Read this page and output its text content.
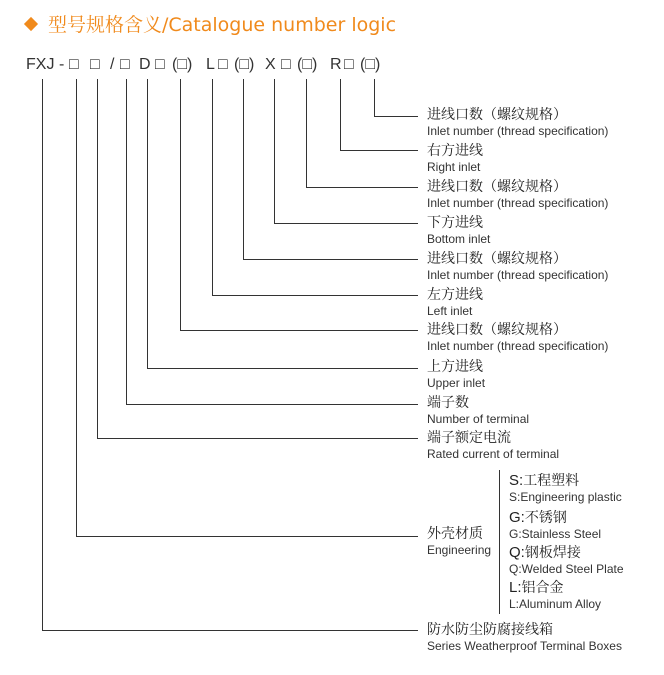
型号规格含义/Catalogue number logic
FXJ - □ □ / □ D □ (□) L □ (□) X □ (□) R □ (□)
进线口数（螺纹规格）
Inlet number (thread specification)
右方进线
Right inlet
进线口数（螺纹规格）
Inlet number (thread specification)
下方进线
Bottom inlet
进线口数（螺纹规格）
Inlet number (thread specification)
左方进线
Left inlet
进线口数（螺纹规格）
Inlet number (thread specification)
上方进线
Upper inlet
端子数
Number of terminal
端子额定电流
Rated current of terminal
外壳材质
Engineering
防水防尘防腐接线箱
Series Weatherproof Terminal Boxes
S:工程塑料
S:Engineering plastic
G:不锈钢
G:Stainless Steel
Q:钢板焊接
Q:Welded Steel Plate
L:铝合金
L:Aluminum Alloy
